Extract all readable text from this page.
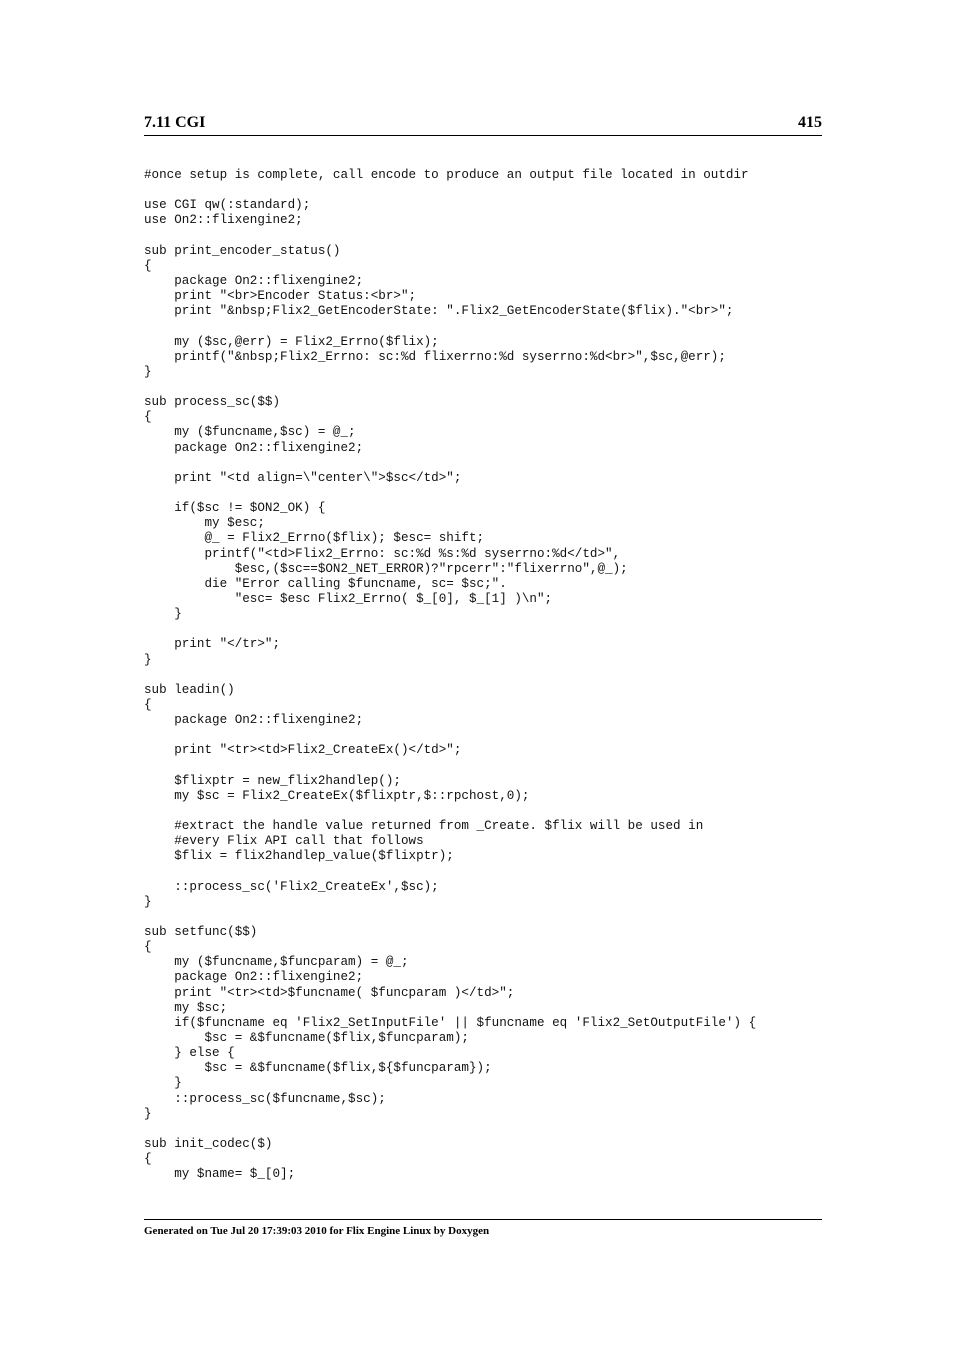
7.11 CGI	415
#once setup is complete, call encode to produce an output file located in outdir
use CGI qw(:standard);
use On2::flixengine2;
sub print_encoder_status()
{
package On2::flixengine2;
print "<br>Encoder Status:<br>";
print "&nbsp;Flix2_GetEncoderState: ".Flix2_GetEncoderState($flix)."<br>";
my ($sc,@err) = Flix2_Errno($flix);
printf("&nbsp;Flix2_Errno: sc:%d flixerrno:%d syserrno:%d<br>",$sc,@err);
}
sub process_sc($$)
{
my ($funcname,$sc) = @_;
package On2::flixengine2;
print "<td align=\"center\">$sc</td>";
if($sc != $ON2_OK) {
my $esc;
@_ = Flix2_Errno($flix); $esc= shift;
printf("<td>Flix2_Errno: sc:%d %s:%d syserrno:%d</td>",
$esc,($sc==$ON2_NET_ERROR)?"rpcerr":"flixerrno",@_);
die "Error calling $funcname, sc= $sc;".
"esc= $esc Flix2_Errno( $_[0], $_[1] )\n";
}
print "</tr>";
}
sub leadin()
{
package On2::flixengine2;
print "<tr><td>Flix2_CreateEx()</td>";
$flixptr = new_flix2handlep();
my $sc = Flix2_CreateEx($flixptr,$::rpchost,0);
#extract the handle value returned from _Create. $flix will be used in
#every Flix API call that follows
$flix = flix2handlep_value($flixptr);
::process_sc('Flix2_CreateEx',$sc);
}
sub setfunc($$)
{
my ($funcname,$funcparam) = @_;
package On2::flixengine2;
print "<tr><td>$funcname( $funcparam )</td>";
my $sc;
if($funcname eq 'Flix2_SetInputFile' || $funcname eq 'Flix2_SetOutputFile') {
$sc = &$funcname($flix,$funcparam);
} else {
$sc = &$funcname($flix,${$funcparam});
}
::process_sc($funcname,$sc);
}
sub init_codec($)
{
my $name= $_[0];
Generated on Tue Jul 20 17:39:03 2010 for Flix Engine Linux by Doxygen
